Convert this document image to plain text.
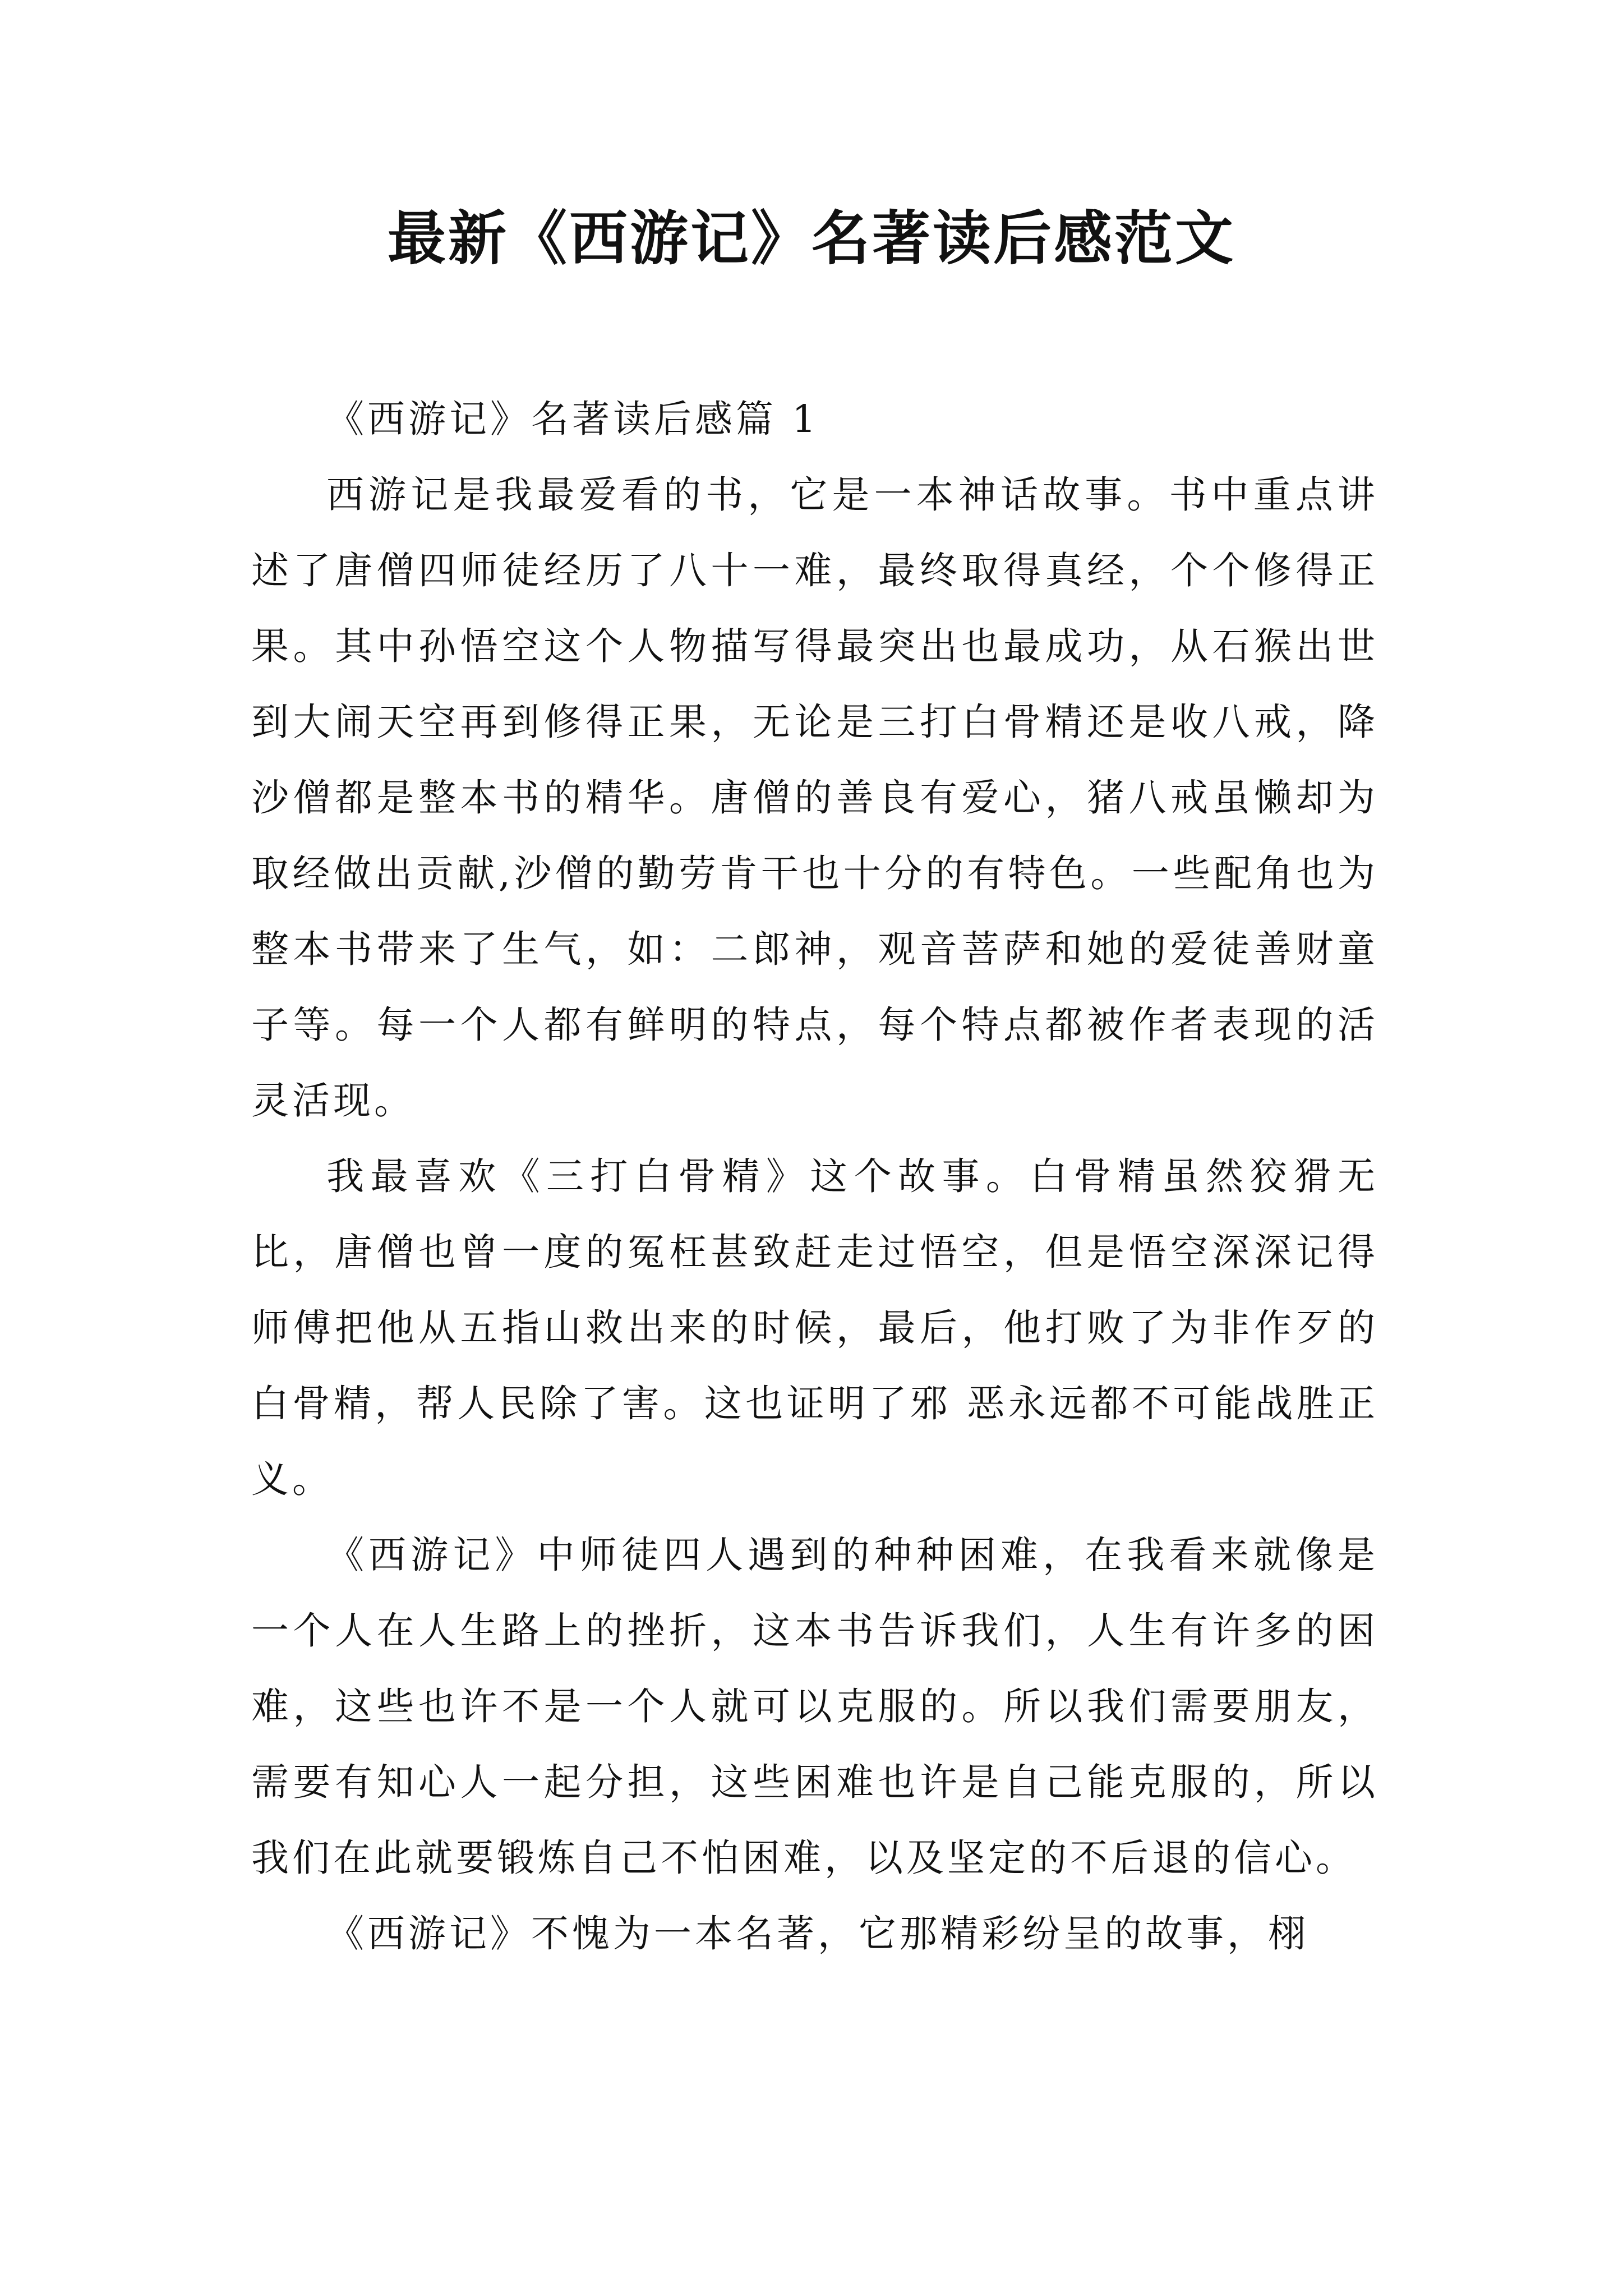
最新《西游记》名著读后感范文

《西游记》名著读后感篇 1

西游记是我最爱看的书，它是一本神话故事。书中重点讲述了唐僧四师徒经历了八十一难，最终取得真经，个个修得正果。其中孙悟空这个人物描写得最突出也最成功，从石猴出世到大闹天空再到修得正果，无论是三打白骨精还是收八戒，降沙僧都是整本书的精华。唐僧的善良有爱心，猪八戒虽懒却为取经做出贡献,沙僧的勤劳肯干也十分的有特色。一些配角也为整本书带来了生气，如：二郎神，观音菩萨和她的爱徒善财童子等。每一个人都有鲜明的特点，每个特点都被作者表现的活灵活现。

我最喜欢《三打白骨精》这个故事。白骨精虽然狡猾无比，唐僧也曾一度的冤枉甚致赶走过悟空，但是悟空深深记得师傅把他从五指山救出来的时候，最后，他打败了为非作歹的白骨精，帮人民除了害。这也证明了邪 恶永远都不可能战胜正义。

《西游记》中师徒四人遇到的种种困难，在我看来就像是一个人在人生路上的挫折，这本书告诉我们，人生有许多的困难，这些也许不是一个人就可以克服的。所以我们需要朋友，需要有知心人一起分担，这些困难也许是自己能克服的，所以我们在此就要锻炼自己不怕困难，以及坚定的不后退的信心。

《西游记》不愧为一本名著，它那精彩纷呈的故事，栩
